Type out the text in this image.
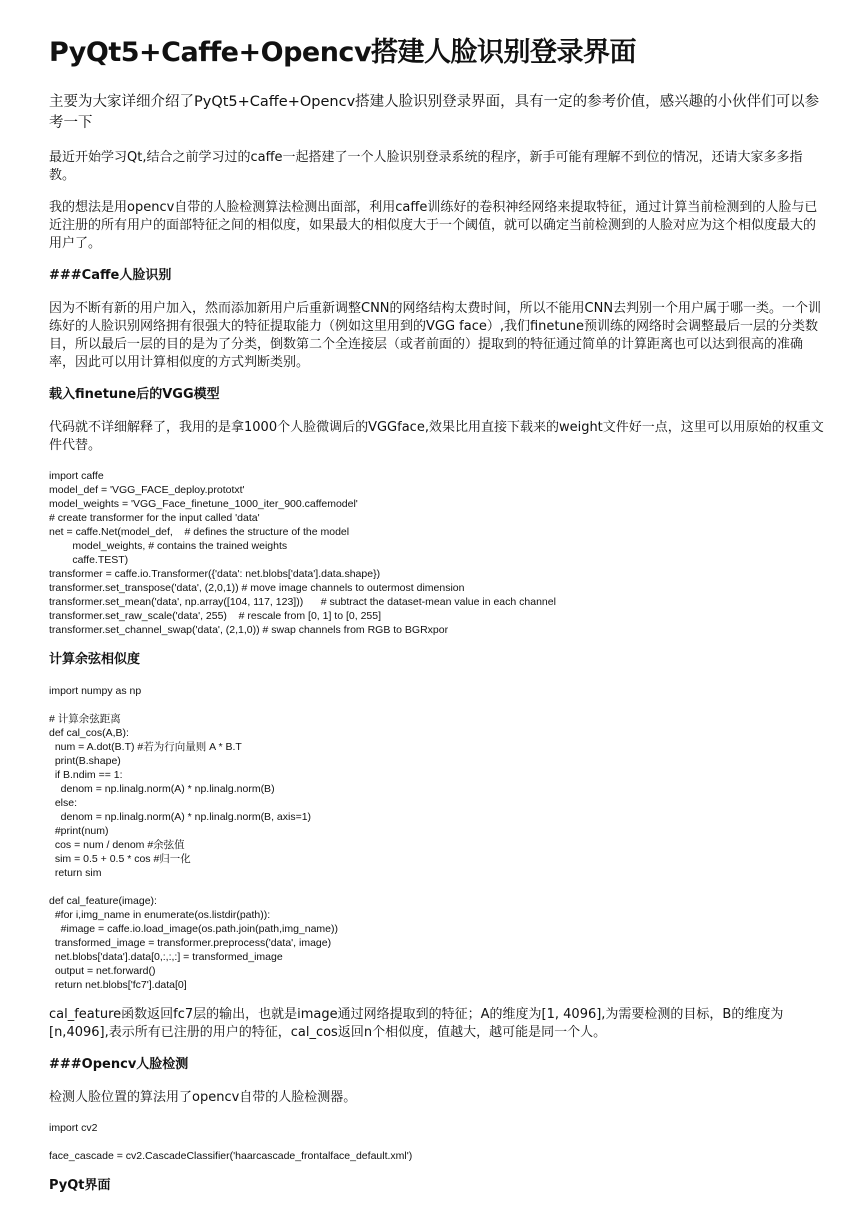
PyQt5+Caffe+Opencv搭建人脸识别登录界面

主要为大家详细介绍了PyQt5+Caffe+Opencv搭建人脸识别登录界面，具有一定的参考价值，感兴趣的小伙伴们可以参考一下

最近开始学习Qt,结合之前学习过的caffe一起搭建了一个人脸识别登录系统的程序，新手可能有理解不到位的情况，还请大家多多指教。

我的想法是用opencv自带的人脸检测算法检测出面部，利用caffe训练好的卷积神经网络来提取特征，通过计算当前检测到的人脸与已近注册的所有用户的面部特征之间的相似度，如果最大的相似度大于一个阈值，就可以确定当前检测到的人脸对应为这个相似度最大的用户了。

###Caffe人脸识别

因为不断有新的用户加入，然而添加新用户后重新调整CNN的网络结构太费时间，所以不能用CNN去判别一个用户属于哪一类。一个训练好的人脸识别网络拥有很强大的特征提取能力（例如这里用到的VGG face）,我们finetune预训练的网络时会调整最后一层的分类数目，所以最后一层的目的是为了分类，倒数第二个全连接层（或者前面的）提取到的特征通过简单的计算距离也可以达到很高的准确率，因此可以用计算相似度的方式判断类别。

载入finetune后的VGG模型

代码就不详细解释了，我用的是拿1000个人脸微调后的VGGface,效果比用直接下载来的weight文件好一点，这里可以用原始的权重文件代替。

import caffe
model_def = 'VGG_FACE_deploy.prototxt'
model_weights = 'VGG_Face_finetune_1000_iter_900.caffemodel'
# create transformer for the input called 'data'
net = caffe.Net(model_def,    # defines the structure of the model
model_weights, # contains the trained weights
caffe.TEST)
transformer = caffe.io.Transformer({'data': net.blobs['data'].data.shape})
transformer.set_transpose('data', (2,0,1)) # move image channels to outermost dimension
transformer.set_mean('data', np.array([104, 117, 123]))      # subtract the dataset-mean value in each channel
transformer.set_raw_scale('data', 255)    # rescale from [0, 1] to [0, 255]
transformer.set_channel_swap('data', (2,1,0)) # swap channels from RGB to BGRxpor
计算余弦相似度
import numpy as np

# 计算余弦距离
def cal_cos(A,B):
num = A.dot(B.T) #若为行向量则 A * B.T
print(B.shape)
if B.ndim == 1:
denom = np.linalg.norm(A) * np.linalg.norm(B)
else:
denom = np.linalg.norm(A) * np.linalg.norm(B, axis=1)
#print(num)
cos = num / denom #余弦值
sim = 0.5 + 0.5 * cos #归一化
return sim

def cal_feature(image):
#for i,img_name in enumerate(os.listdir(path)):
#image = caffe.io.load_image(os.path.join(path,img_name))
transformed_image = transformer.preprocess('data', image)
net.blobs['data'].data[0,:,:,:] = transformed_image
output = net.forward()
return net.blobs['fc7'].data[0]

cal_feature函数返回fc7层的输出，也就是image通过网络提取到的特征；A的维度为[1, 4096],为需要检测的目标，B的维度为[n,4096],表示所有已注册的用户的特征，cal_cos返回n个相似度，值越大，越可能是同一个人。

###Opencv人脸检测

检测人脸位置的算法用了opencv自带的人脸检测器。

import cv2

face_cascade = cv2.CascadeClassifier('haarcascade_frontalface_default.xml')
PyQt界面
